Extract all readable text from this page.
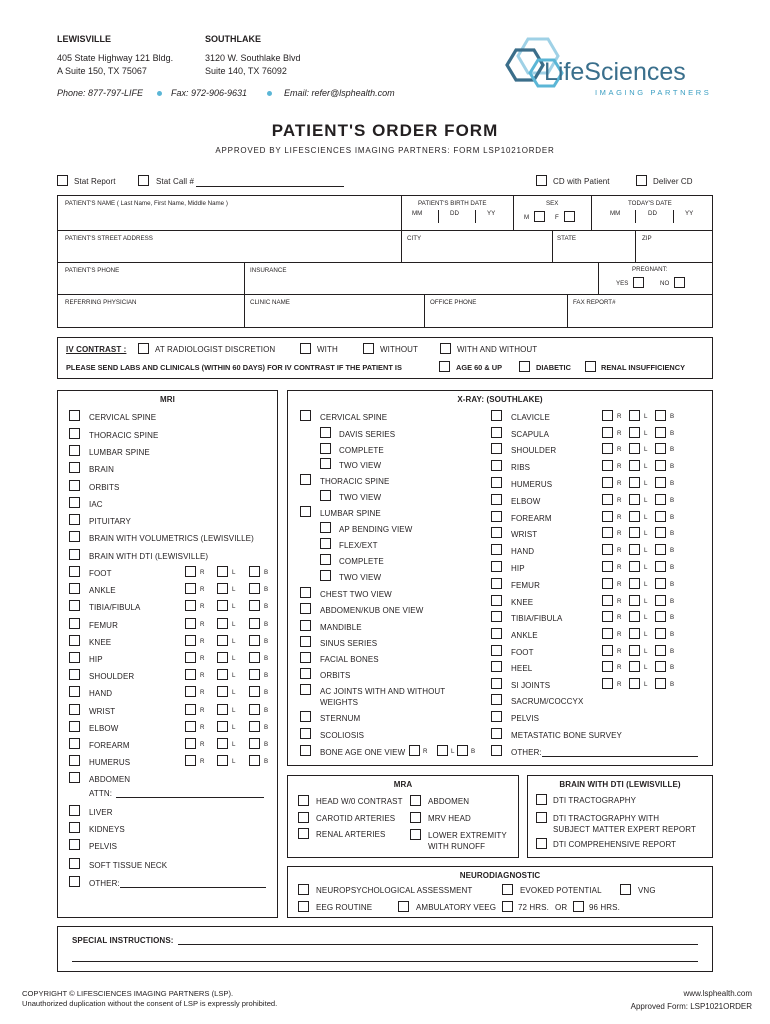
LEWISVILLE
405 State Highway 121 Bldg.
A Suite 150, TX 75067
SOUTHLAKE
3120 W. Southlake Blvd
Suite 140, TX 76092
Phone: 877-797-LIFE	Fax: 972-906-9631	Email: refer@lsphealth.com
LifeSciences
IMAGING PARTNERS
PATIENT'S ORDER FORM
APPROVED BY LIFESCIENCES IMAGING PARTNERS: FORM LSP1021ORDER
Stat Report	Stat Call #	CD with Patient	Deliver CD
PATIENT'S NAME ( Last Name, First Name, Middle Name )	PATIENT'S BIRTH DATE
MM	DD	YY
SEX
M	F
TODAY'S DATE
MM	DD	YY
PATIENT'S STREET ADDRESS	CITY	STATE	ZIP
PATIENT'S PHONE	INSURANCE	PREGNANT:
YES	NO
REFERRING PHYSICIAN	CLINIC NAME	OFFICE PHONE	FAX REPORT#
IV CONTRAST :	AT RADIOLOGIST DISCRETION	WITH	WITHOUT	WITH AND WITHOUT
PLEASE SEND LABS AND CLINICALS (WITHIN 60 DAYS) FOR IV CONTRAST IF THE PATIENT IS	AGE 60 & UP	DIABETIC	RENAL INSUFFICIENCY
MRI	X-RAY: (SOUTHLAKE)
MRA
HEAD W/0 CONTRAST
CAROTID ARTERIES
RENAL ARTERIES
ABDOMEN
MRV HEAD
LOWER EXTREMITY
WITH RUNOFF
BRAIN WITH DTI (LEWISVILLE)
DTI TRACTOGRAPHY
DTI TRACTOGRAPHY WITH
SUBJECT MATTER EXPERT REPORT
DTI COMPREHENSIVE REPORT
NEURODIAGNOSTIC
NEUROPSYCHOLOGICAL ASSESSMENT	EVOKED POTENTIAL	VNG
EEG ROUTINE	AMBULATORY VEEG	72 HRS. OR	96 HRS.
SPECIAL INSTRUCTIONS:
COPYRIGHT © LIFESCIENCES IMAGING PARTNERS (LSP).
Unauthorized duplication without the consent of LSP is expressly prohibited.
www.lsphealth.com
Approved Form: LSP1021ORDER
CERVICAL SPINE
THORACIC SPINE
LUMBAR SPINE
BRAIN
ORBITS
IAC
PITUITARY
BRAIN WITH VOLUMETRICS (LEWISVILLE)
BRAIN WITH DTI (LEWISVILLE)
FOOT	R	L	B
ANKLE	R	L	B
TIBIA/FIBULA	R	L	B
FEMUR	R	L	B
KNEE	R	L	B
HIP	R	L	B
SHOULDER	R	L	B
HAND	R	L	B
WRIST	R	L	B
ELBOW	R	L	B
FOREARM	R	L	B
HUMERUS	R	L	B
ABDOMEN
ATTN:
LIVER
KIDNEYS
PELVIS
SOFT TISSUE NECK
OTHER:
CERVICAL SPINE
DAVIS SERIES
COMPLETE
TWO VIEW
THORACIC SPINE
TWO VIEW
LUMBAR SPINE
AP BENDING VIEW
FLEX/EXT
COMPLETE
TWO VIEW
CHEST TWO VIEW
ABDOMEN/KUB ONE VIEW
MANDIBLE
SINUS SERIES
FACIAL BONES
ORBITS
AC JOINTS WITH AND WITHOUT
WEIGHTS
STERNUM
SCOLIOSIS
BONE AGE ONE VIEW	R	L	B
CLAVICLE	R	L	B
SCAPULA	R	L	B
SHOULDER	R	L	B
RIBS	R	L	B
HUMERUS	R	L	B
ELBOW	R	L	B
FOREARM	R	L	B
WRIST	R	L	B
HAND	R	L	B
HIP	R	L	B
FEMUR	R	L	B
KNEE	R	L	B
TIBIA/FIBULA	R	L	B
ANKLE	R	L	B
FOOT	R	L	B
HEEL	R	L	B
SI JOINTS	R	L	B
SACRUM/COCCYX
PELVIS
METASTATIC BONE SURVEY
OTHER:
